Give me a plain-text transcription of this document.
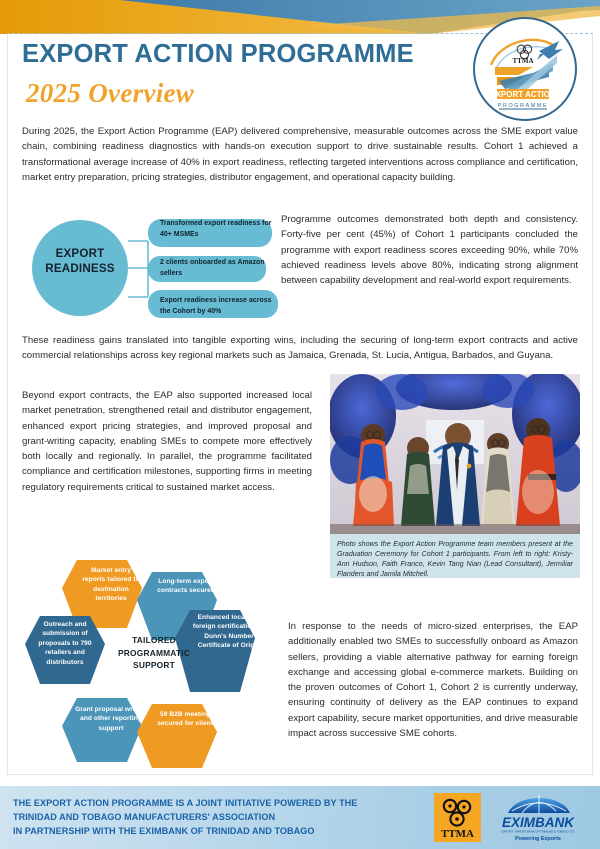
EXPORT ACTION PROGRAMME
2025 Overview
TTMA
EXPORT ACTION
PROGRAMME
During 2025, the Export Action Programme (EAP) delivered comprehensive, measurable outcomes across the SME export value chain, combining readiness diagnostics with hands-on execution support to drive sustainable results. Cohort 1 achieved a transformational average increase of 40% in export readiness, reflecting targeted interventions across compliance and certification, market entry preparation, pricing strategies, distributor engagement, and operational capacity building.
EXPORT
READINESS
Transformed export readiness for 40+ MSMEs
2 clients onboarded as Amazon sellers
Export readiness increase across the Cohort by 40%
Programme outcomes demonstrated both depth and consistency. Forty-five per cent (45%) of Cohort 1 participants concluded the programme with export readiness scores exceeding 90%, while 70% achieved readiness levels above 80%, indicating strong alignment between capability development and real-world export requirements.
These readiness gains translated into tangible exporting wins, including the securing of long-term export contracts and active commercial relationships across key regional markets such as Jamaica, Grenada, St. Lucia, Antigua, Barbados, and Guyana.
Beyond export contracts, the EAP also supported increased local market penetration, strengthened retail and distributor engagement, enhanced export pricing strategies, and improved proposal and grant-writing capacity, enabling SMEs to compete more effectively both locally and regionally. In parallel, the programme facilitated compliance and certification milestones, supporting firms in meeting regulatory requirements critical to sustained market access.
Photo shows the Export Action Programme team members present at the Graduation Ceremony for Cohort 1 participants. From left to right: Kristy-Ann Hudson, Faith Franco, Kevin Tang Nian (Lead Consultant), Jermiliar Flanders and Jamila Mitchell.
Market entry reports tailored to destination territories
Long-term export contracts secured
Outreach and submission of proposals to 790 retailers and distributors
Enhanced local and foreign certification eg Dunn's Number Certificate of Origin
Grant proposal writing and other reporting support
59 B2B meetings secured for clients
TAILORED
PROGRAMMATIC
SUPPORT
In response to the needs of micro-sized enterprises, the EAP additionally enabled two SMEs to successfully onboard as Amazon sellers, providing a viable alternative pathway for earning foreign exchange and accessing global e-commerce markets. Building on the proven outcomes of Cohort 1, Cohort 2 is currently underway, ensuring continuity of delivery as the EAP continues to expand export capability, secure market opportunities, and drive measurable impact across successive SME cohorts.
THE EXPORT ACTION PROGRAMME IS A JOINT INITIATIVE POWERED BY THE
TRINIDAD AND TOBAGO MANUFACTURERS' ASSOCIATION
IN PARTNERSHIP WITH THE EXIMBANK OF TRINIDAD AND TOBAGO	TTMA
EXIMBANK
EXPORT - IMPORT BANK OF TRINIDAD & TOBAGO LTD
Powering Exports
